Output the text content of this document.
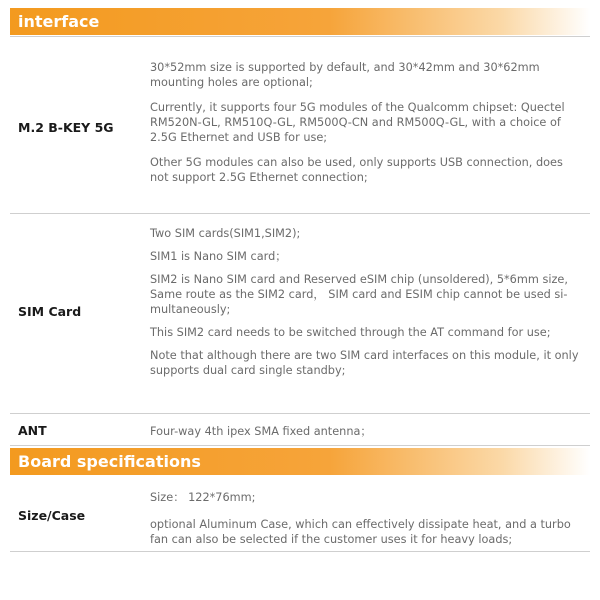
interface
M.2 B-KEY 5G

30*52mm size is supported by default, and 30*42mm and 30*62mm mounting holes are optional;

Currently, it supports four 5G modules of the Qualcomm chipset: Quectel RM520N-GL, RM510Q-GL, RM500Q-CN and RM500Q-GL, with a choice of 2.5G Ethernet and USB for use;

Other 5G modules can also be used, only supports USB connection, does not support 2.5G Ethernet connection;

SIM Card

Two SIM cards(SIM1,SIM2);

SIM1 is Nano SIM card；

SIM2 is Nano SIM card and Reserved eSIM chip (unsoldered), 5*6mm size, Same route as the SIM2 card， SIM card and ESIM chip cannot be used si-multaneously;

This SIM2 card needs to be switched through the AT command for use;

Note that although there are two SIM card interfaces on this module, it only supports dual card single standby;

ANT	Four-way 4th ipex SMA fixed antenna；

Board specifications
Size/Case

Size： 122*76mm;

optional Aluminum Case, which can effectively dissipate heat, and a turbo fan can also be selected if the customer uses it for heavy loads;
